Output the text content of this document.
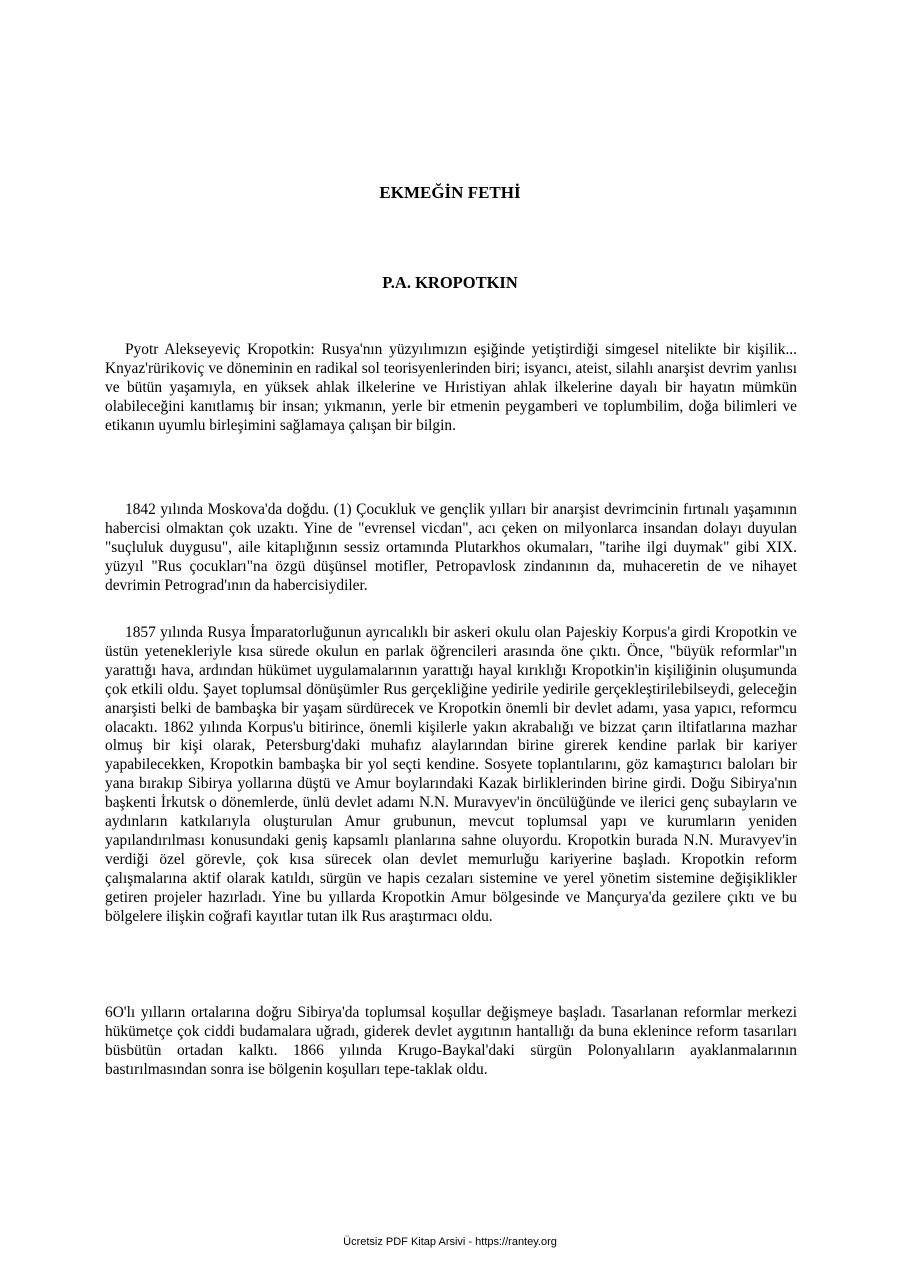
EKMEĞİN FETHİ
P.A. KROPOTKIN

Pyotr Alekseyeviç Kropotkin: Rusya'nın yüzyılımızın eşiğinde yetiştirdiği simgesel nitelikte bir kişilik... Knyaz'rürikoviç ve döneminin en radikal sol teorisyenlerinden biri; isyancı, ateist, silahlı anarşist devrim yanlısı ve bütün yaşamıyla, en yüksek ahlak ilkelerine ve Hıristiyan ahlak ilkelerine dayalı bir hayatın mümkün olabileceğini kanıtlamış bir insan; yıkmanın, yerle bir etmenin peygamberi ve toplumbilim, doğa bilimleri ve etikanın uyumlu birleşimini sağlamaya çalışan bir bilgin.

1842 yılında Moskova'da doğdu. (1) Çocukluk ve gençlik yılları bir anarşist devrimcinin fırtınalı yaşamının habercisi olmaktan çok uzaktı. Yine de "evrensel vicdan", acı çeken on milyonlarca insandan dolayı duyulan "suçluluk duygusu", aile kitaplığının sessiz ortamında Plutarkhos okumaları, "tarihe ilgi duymak" gibi XIX. yüzyıl "Rus çocukları"na özgü düşünsel motifler, Petropavlosk zindanının da, muhaceretin de ve nihayet devrimin Petrograd'ının da habercisiydiler.

1857 yılında Rusya İmparatorluğunun ayrıcalıklı bir askeri okulu olan Pajeskiy Korpus'a girdi Kropotkin ve üstün yetenekleriyle kısa sürede okulun en parlak öğrencileri arasında öne çıktı. Önce, "büyük reformlar"ın yarattığı hava, ardından hükümet uygulamalarının yarattığı hayal kırıklığı Kropotkin'in kişiliğinin oluşumunda çok etkili oldu. Şayet toplumsal dönüşümler Rus gerçekliğine yedirile yedirile gerçekleştirilebilseydi, geleceğin anarşisti belki de bambaşka bir yaşam sürdürecek ve Kropotkin önemli bir devlet adamı, yasa yapıcı, reformcu olacaktı. 1862 yılında Korpus'u bitirince, önemli kişilerle yakın akrabalığı ve bizzat çarın iltifatlarına mazhar olmuş bir kişi olarak, Petersburg'daki muhafız alaylarından birine girerek kendine parlak bir kariyer yapabilecekken, Kropotkin bambaşka bir yol seçti kendine. Sosyete toplantılarını, göz kamaştırıcı baloları bir yana bırakıp Sibirya yollarına düştü ve Amur boylarındaki Kazak birliklerinden birine girdi. Doğu Sibirya'nın başkenti İrkutsk o dönemlerde, ünlü devlet adamı N.N. Muravyev'in öncülüğünde ve ilerici genç subayların ve aydınların katkılarıyla oluşturulan Amur grubunun, mevcut toplumsal yapı ve kurumların yeniden yapılandırılması konusundaki geniş kapsamlı planlarına sahne oluyordu. Kropotkin burada N.N. Muravyev'in verdiği özel görevle, çok kısa sürecek olan devlet memurluğu kariyerine başladı. Kropotkin reform çalışmalarına aktif olarak katıldı, sürgün ve hapis cezaları sistemine ve yerel yönetim sistemine değişiklikler getiren projeler hazırladı. Yine bu yıllarda Kropotkin Amur bölgesinde ve Mançurya'da gezilere çıktı ve bu bölgelere ilişkin coğrafi kayıtlar tutan ilk Rus araştırmacı oldu.

6O'lı yılların ortalarına doğru Sibirya'da toplumsal koşullar değişmeye başladı. Tasarlanan reformlar merkezi hükümetçe çok ciddi budamalara uğradı, giderek devlet aygıtının hantallığı da buna eklenince reform tasarıları büsbütün ortadan kalktı. 1866 yılında Krugo-Baykal'daki sürgün Polonyalıların ayaklanmalarının bastırılmasından sonra ise bölgenin koşulları tepe-taklak oldu.

Ücretsiz PDF Kitap Arsivi - https://rantey.org
